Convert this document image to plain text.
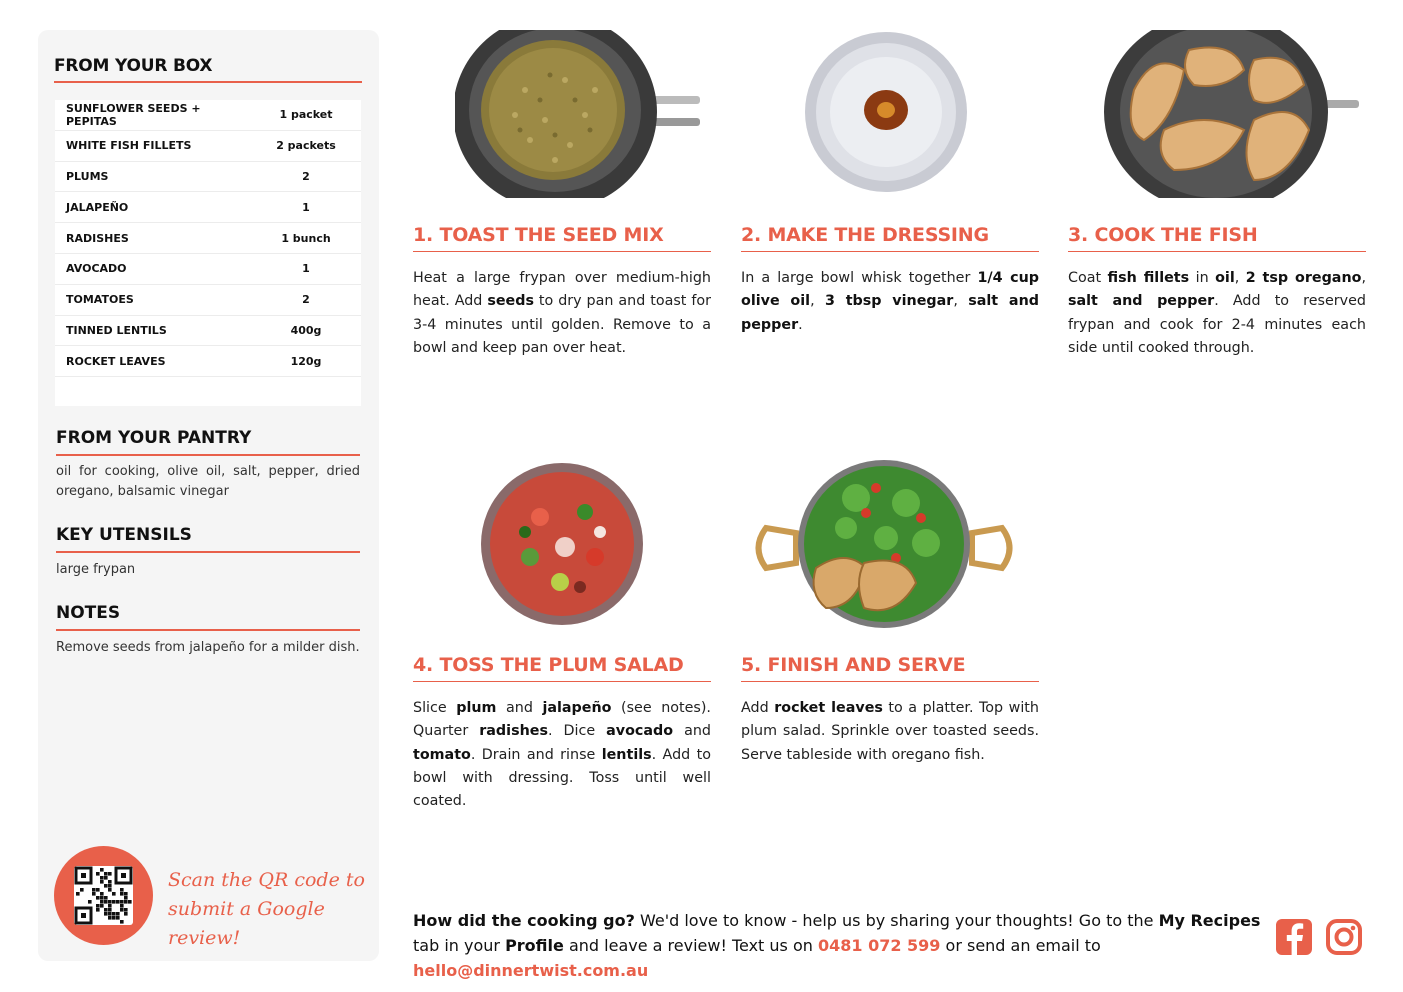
FROM YOUR BOX
SUNFLOWER SEEDS + PEPITAS	1 packet
WHITE FISH FILLETS	2 packets
PLUMS	2
JALAPEÑO	1
RADISHES	1 bunch
AVOCADO	1
TOMATOES	2
TINNED LENTILS	400g
ROCKET LEAVES	120g
FROM YOUR PANTRY
oil for cooking, olive oil, salt, pepper, dried oregano, balsamic vinegar
KEY UTENSILS
large frypan
NOTES
Remove seeds from jalapeño for a milder dish.
Scan the QR code to
submit a Google review!
1. TOAST THE SEED MIX
Heat a large frypan over medium-high heat. Add seeds to dry pan and toast for 3-4 minutes until golden. Remove to a bowl and keep pan over heat.
2. MAKE THE DRESSING
In a large bowl whisk together 1/4 cup olive oil, 3 tbsp vinegar, salt and pepper.
3. COOK THE FISH
Coat fish fillets in oil, 2 tsp oregano, salt and pepper. Add to reserved frypan and cook for 2-4 minutes each side until cooked through.
4. TOSS THE PLUM SALAD
Slice plum and jalapeño (see notes). Quarter radishes. Dice avocado and tomato. Drain and rinse lentils. Add to bowl with dressing. Toss until well coated.
5. FINISH AND SERVE
Add rocket leaves to a platter. Top with plum salad. Sprinkle over toasted seeds. Serve tableside with oregano fish.
How did the cooking go? We'd love to know - help us by sharing your thoughts! Go to the My Recipes tab in your Profile and leave a review! Text us on 0481 072 599 or send an email to hello@dinnertwist.com.au
